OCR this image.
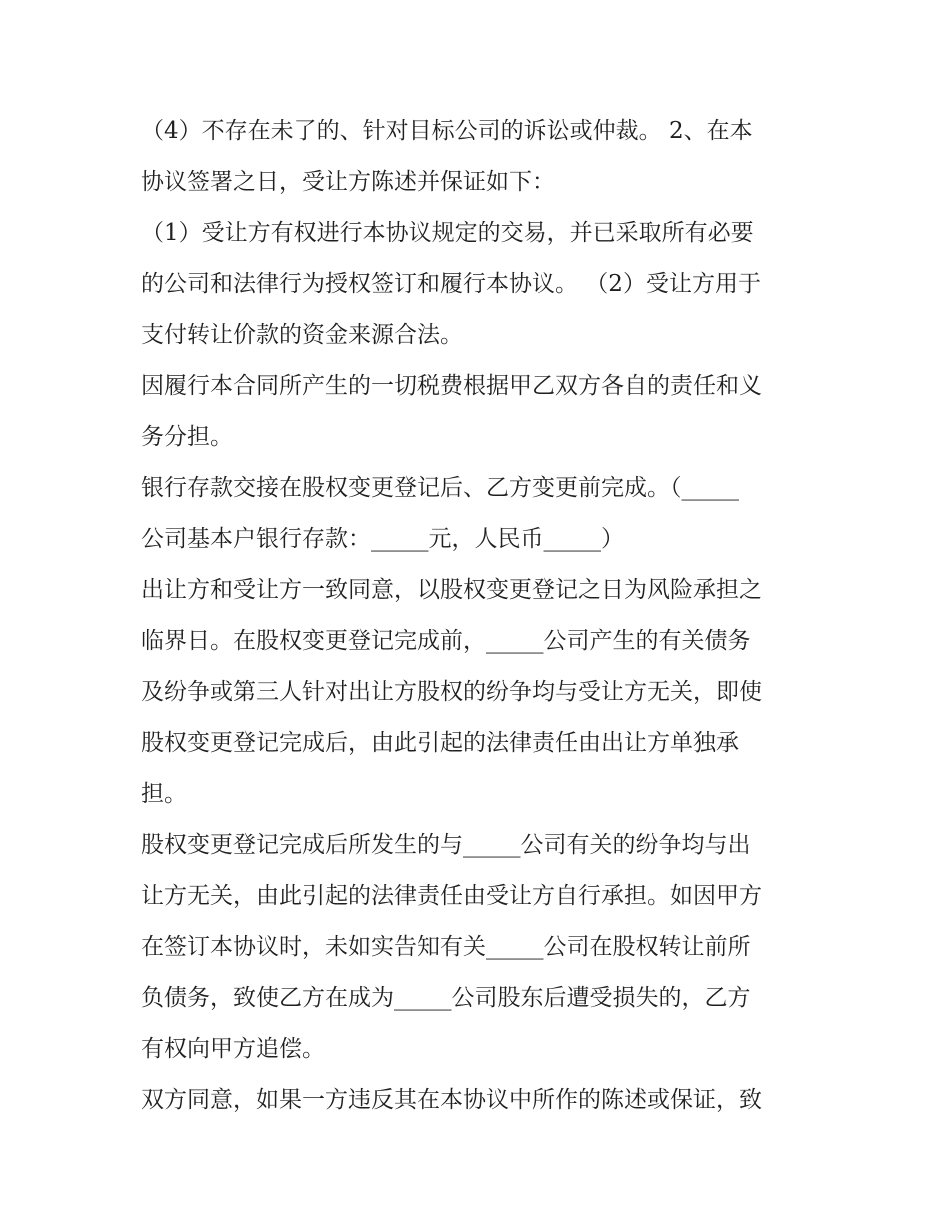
（4）不存在未了的、针对目标公司的诉讼或仲裁。 2、在本
协议签署之日，受让方陈述并保证如下：
（1）受让方有权进行本协议规定的交易，并已采取所有必要
的公司和法律行为授权签订和履行本协议。 （2）受让方用于
支付转让价款的资金来源合法。
因履行本合同所产生的一切税费根据甲乙双方各自的责任和义
务分担。
银行存款交接在股权变更登记后、乙方变更前完成。（_____
公司基本户银行存款：_____元，人民币_____）
出让方和受让方一致同意，以股权变更登记之日为风险承担之
临界日。在股权变更登记完成前，_____公司产生的有关债务
及纷争或第三人针对出让方股权的纷争均与受让方无关，即使
股权变更登记完成后，由此引起的法律责任由出让方单独承
担。
股权变更登记完成后所发生的与_____公司有关的纷争均与出
让方无关，由此引起的法律责任由受让方自行承担。如因甲方
在签订本协议时，未如实告知有关_____公司在股权转让前所
负债务，致使乙方在成为_____公司股东后遭受损失的，乙方
有权向甲方追偿。
双方同意，如果一方违反其在本协议中所作的陈述或保证，致
